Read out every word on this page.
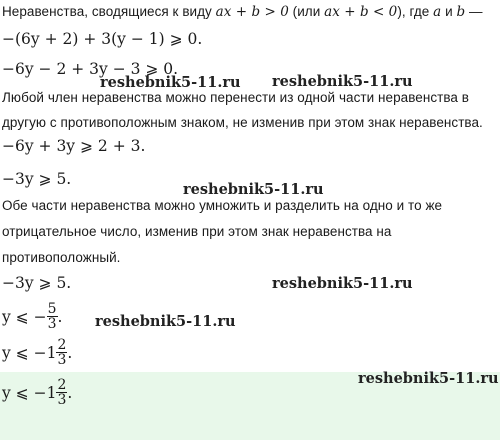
Неравенства, сводящиеся к виду ax + b > 0 (или ax + b < 0), где a и b —
−(6y + 2) + 3(y − 1) ⩾ 0.
−6y − 2 + 3y − 3 ⩾ 0.
reshebnik5-11.ru reshebnik5-11.ru
Любой член неравенства можно перенести из одной части неравенства в
другую с противоположным знаком, не изменив при этом знак неравенства.
−6y + 3y ⩾ 2 + 3.
−3y ⩾ 5.
reshebnik5-11.ru
Обе части неравенства можно умножить и разделить на одно и то же
отрицательное число, изменив при этом знак неравенства на
противоположный.
−3y ⩾ 5.	reshebnik5-11.ru
y ⩽ − $\frac{5}{3}$ . reshebnik5-11.ru
y ⩽ $-1 \frac{2}{3}$ .
y ⩽ $-1 \frac{2}{3}$ .
reshebnik5-11.ru
